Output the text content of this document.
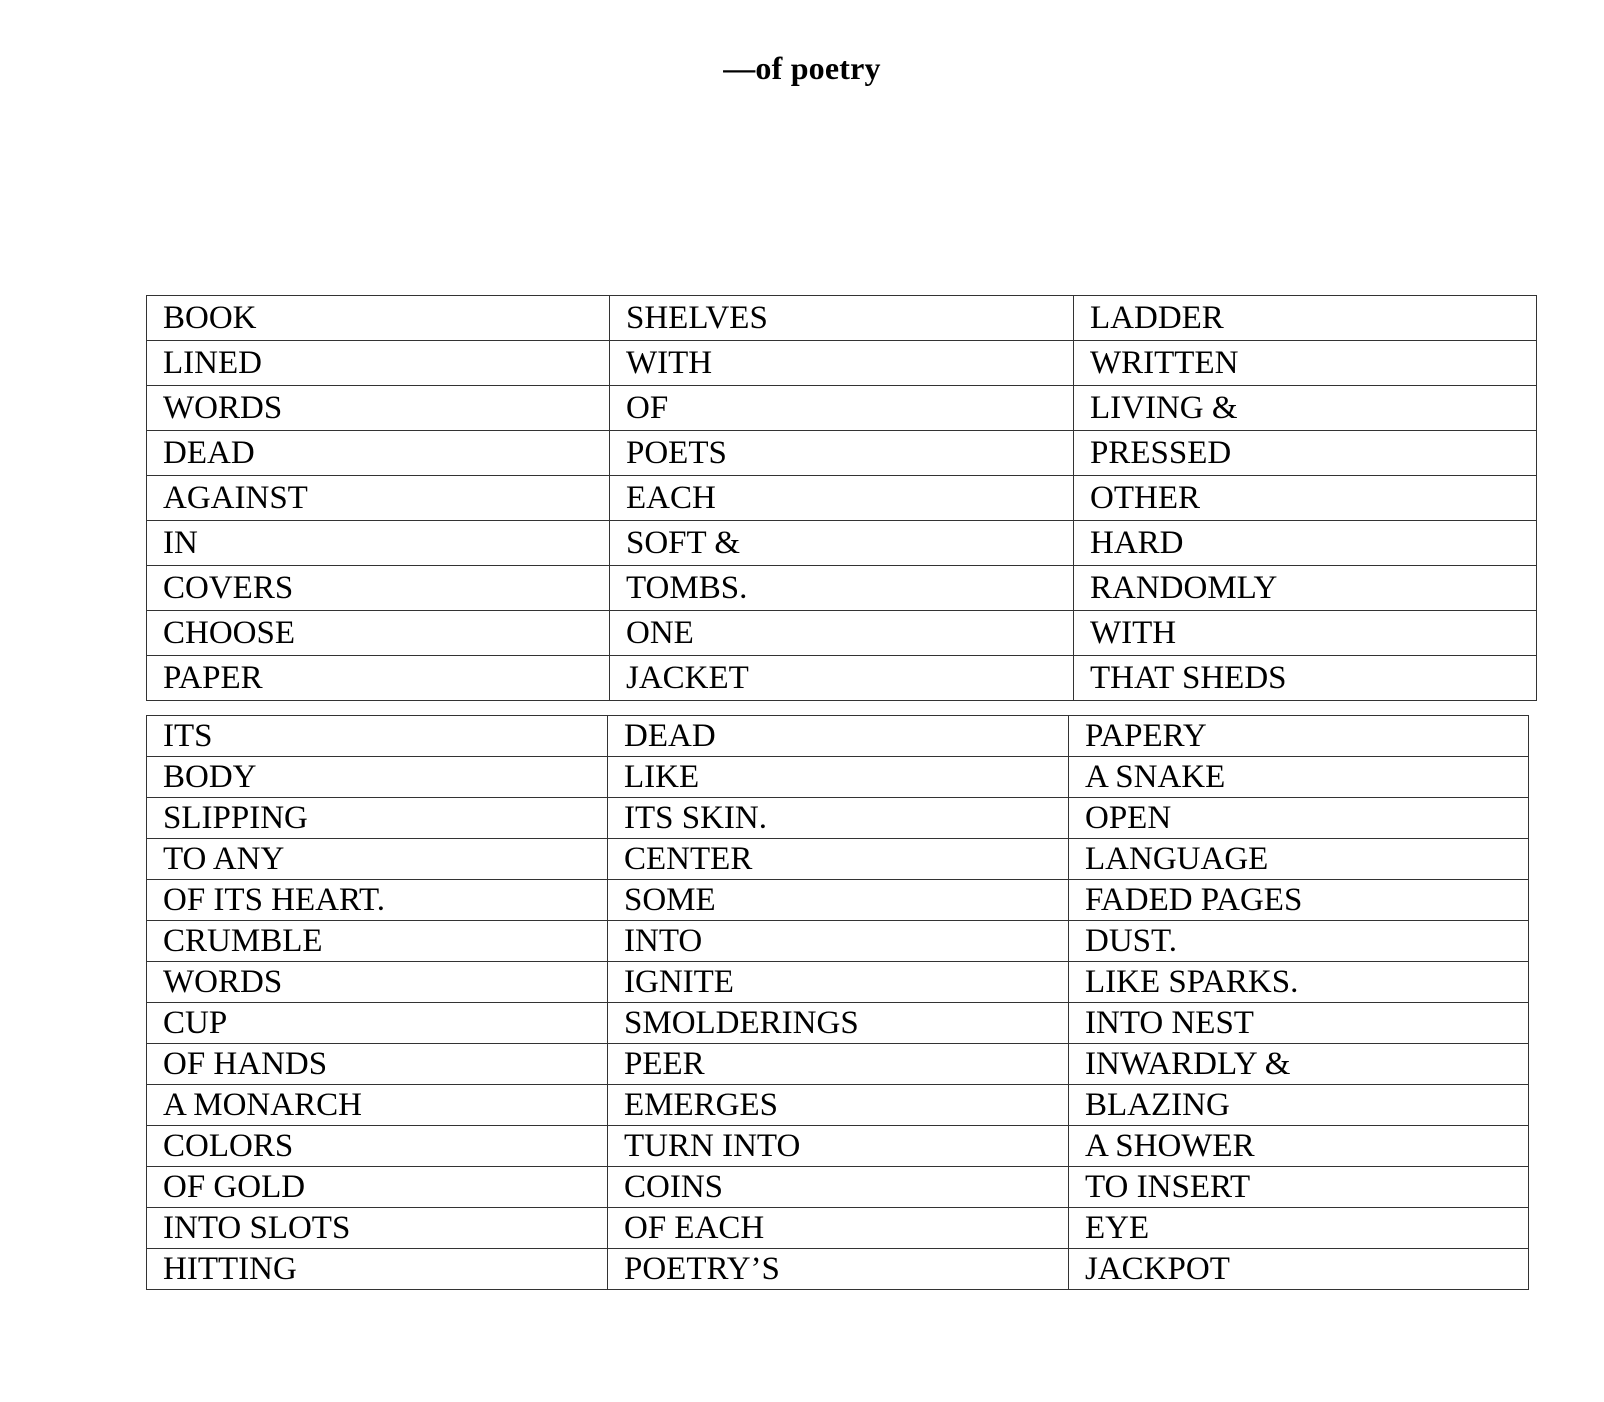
—of poetry
BOOK	SHELVES	LADDER
LINED	WITH	WRITTEN
WORDS	OF	LIVING &
DEAD	POETS	PRESSED
AGAINST	EACH	OTHER
IN	SOFT &	HARD
COVERS	TOMBS.	RANDOMLY
CHOOSE	ONE	WITH
PAPER	JACKET	THAT SHEDS
ITS	DEAD	PAPERY
BODY	LIKE	A SNAKE
SLIPPING	ITS SKIN.	OPEN
TO ANY	CENTER	LANGUAGE
OF ITS HEART.	SOME	FADED PAGES
CRUMBLE	INTO	DUST.
WORDS	IGNITE	LIKE SPARKS.
CUP	SMOLDERINGS	INTO NEST
OF HANDS	PEER	INWARDLY &
A MONARCH	EMERGES	BLAZING
COLORS	TURN INTO	A SHOWER
OF GOLD	COINS	TO INSERT
INTO SLOTS	OF EACH	EYE
HITTING	POETRY’S	JACKPOT
